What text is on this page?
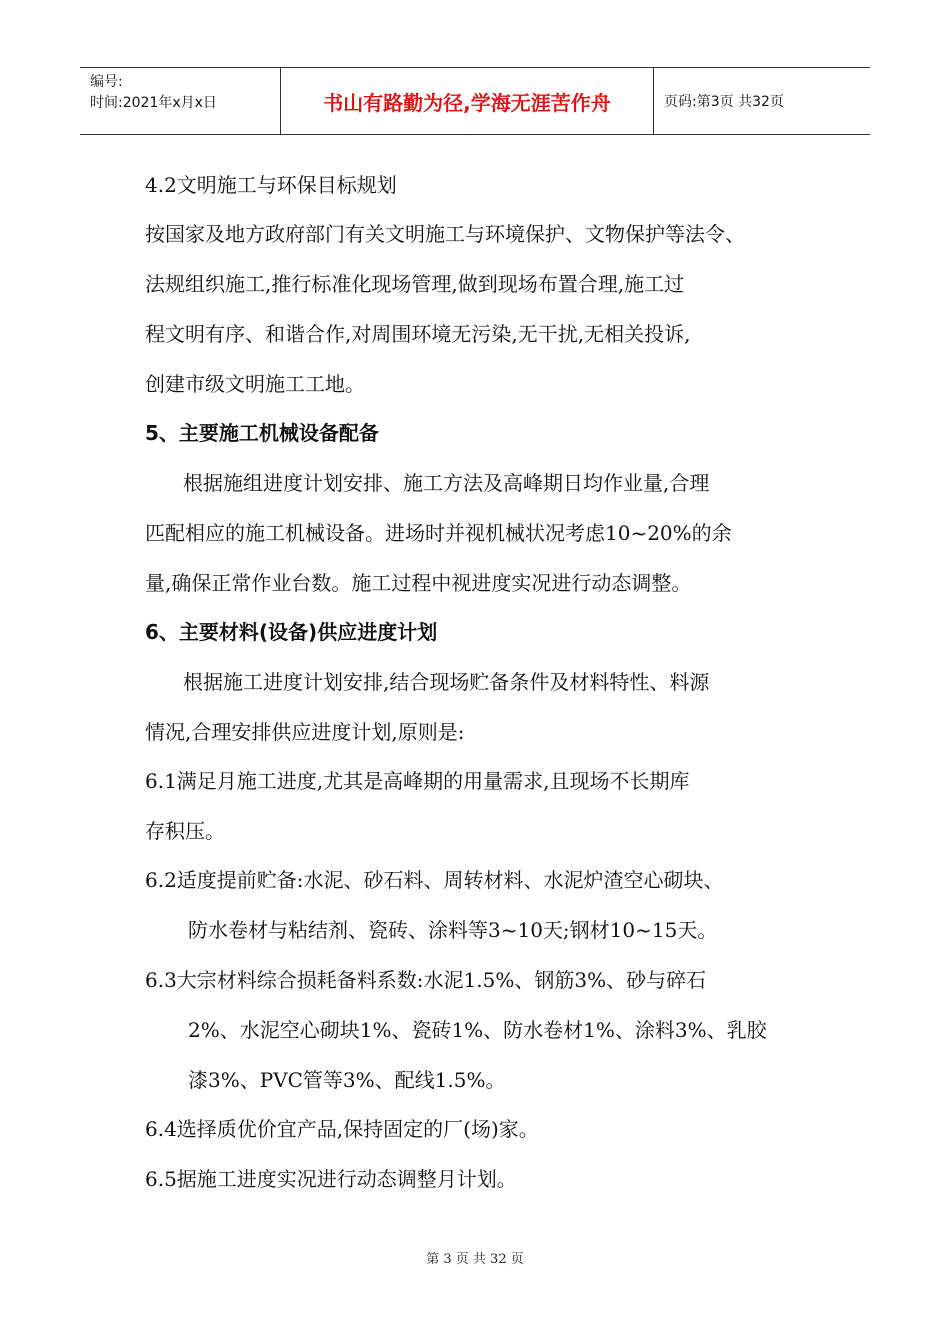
编号:
时间:2021年x月x日	书山有路勤为径,学海无涯苦作舟	页码:第3页 共32页
4.2文明施工与环保目标规划
按国家及地方政府部门有关文明施工与环境保护、文物保护等法令、
法规组织施工,推行标准化现场管理,做到现场布置合理,施工过
程文明有序、和谐合作,对周围环境无污染,无干扰,无相关投诉,
创建市级文明施工工地。
5、主要施工机械设备配备
根据施组进度计划安排、施工方法及高峰期日均作业量,合理
匹配相应的施工机械设备。进场时并视机械状况考虑10~20%的余
量,确保正常作业台数。施工过程中视进度实况进行动态调整。
6、主要材料(设备)供应进度计划
根据施工进度计划安排,结合现场贮备条件及材料特性、料源
情况,合理安排供应进度计划,原则是:
6.1满足月施工进度,尤其是高峰期的用量需求,且现场不长期库
存积压。
6.2适度提前贮备:水泥、砂石料、周转材料、水泥炉渣空心砌块、
防水卷材与粘结剂、瓷砖、涂料等3~10天;钢材10~15天。
6.3大宗材料综合损耗备料系数:水泥1.5%、钢筋3%、砂与碎石
2%、水泥空心砌块1%、瓷砖1%、防水卷材1%、涂料3%、乳胶
漆3%、PVC管等3%、配线1.5%。
6.4选择质优价宜产品,保持固定的厂(场)家。
6.5据施工进度实况进行动态调整月计划。
第 3 页 共 32 页
